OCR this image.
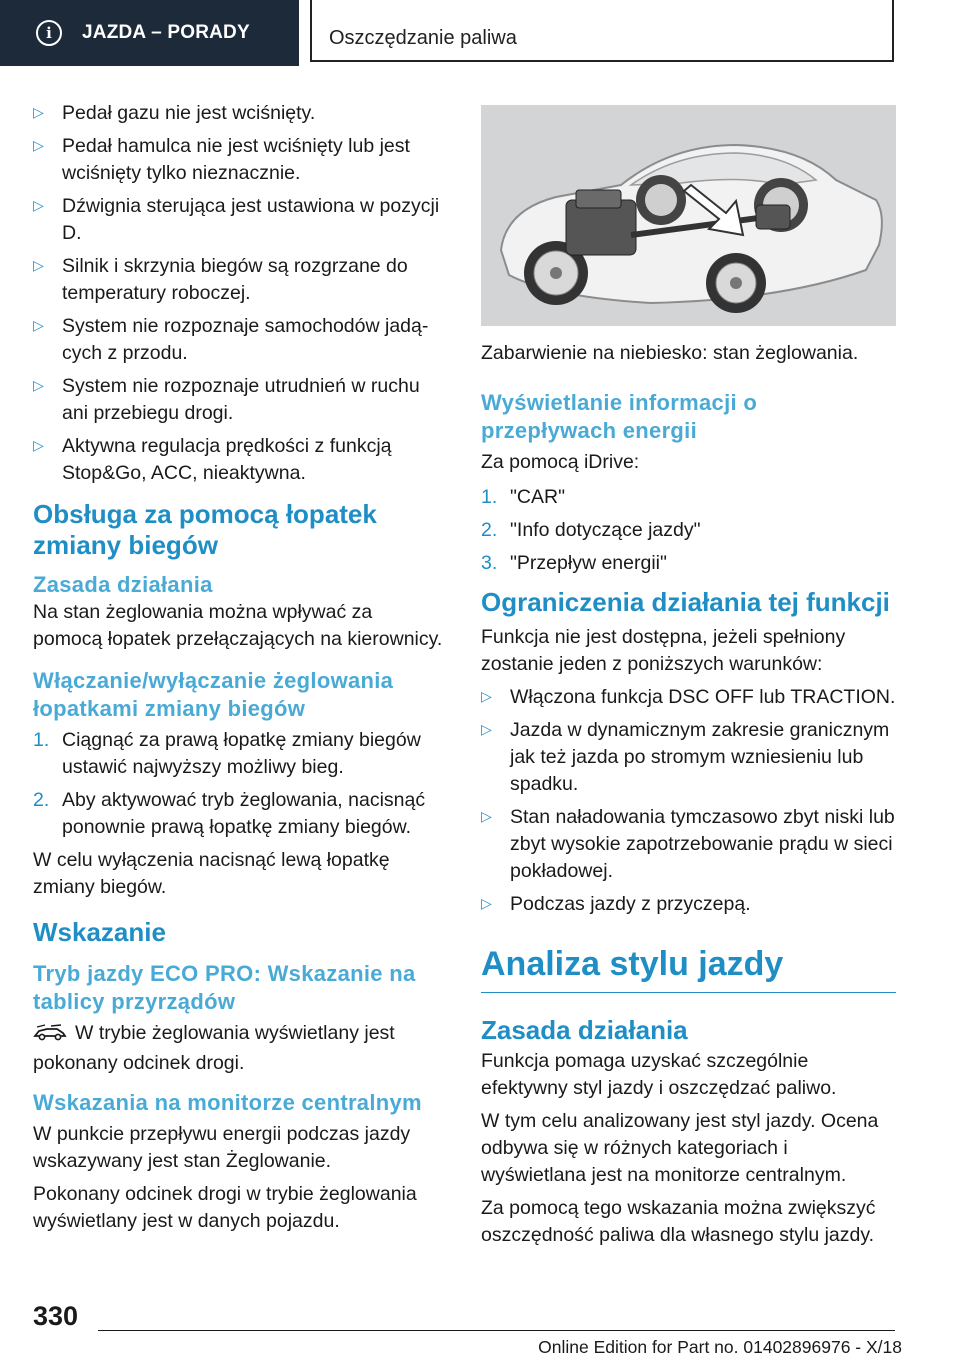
i	JAZDA – PORADY	Oszczędzanie paliwa
▷ Pedał gazu nie jest wciśnięty.
▷ Pedał hamulca nie jest wciśnięty lub jest wciśnięty tylko nieznacznie.
▷ Dźwignia sterująca jest ustawiona w pozycji D.
▷ Silnik i skrzynia biegów są rozgrzane do temperatury roboczej.
▷ System nie rozpoznaje samochodów jadących z przodu.
▷ System nie rozpoznaje utrudnień w ruchu ani przebiegu drogi.
▷ Aktywna regulacja prędkości z funkcją Stop&Go, ACC, nieaktywna.
Obsługa za pomocą łopatek zmiany biegów
Zasada działania

Na stan żeglowania można wpływać za pomocą łopatek przełączających na kierownicy.

Włączanie/wyłączanie żeglowania łopatkami zmiany biegów
1. Ciągnąć za prawą łopatkę zmiany biegów ustawić najwyższy możliwy bieg.
2. Aby aktywować tryb żeglowania, nacisnąć ponownie prawą łopatkę zmiany biegów.

W celu wyłączenia nacisnąć lewą łopatkę zmiany biegów.

Wskazanie
Tryb jazdy ECO PRO: Wskazanie na tablicy przyrządów

W trybie żeglowania wyświetlany jest pokonany odcinek drogi.

Wskazania na monitorze centralnym

W punkcie przepływu energii podczas jazdy wskazywany jest stan Żeglowanie.

Pokonany odcinek drogi w trybie żeglowania wyświetlany jest w danych pojazdu.

Zabarwienie na niebiesko: stan żeglowania.

Wyświetlanie informacji o przepływach energii

Za pomocą iDrive:

1. "CAR"
2. "Info dotyczące jazdy"
3. "Przepływ energii"
Ograniczenia działania tej funkcji

Funkcja nie jest dostępna, jeżeli spełniony zostanie jeden z poniższych warunków:

▷ Włączona funkcja DSC OFF lub TRACTION.
▷ Jazda w dynamicznym zakresie granicznym jak też jazda po stromym wzniesieniu lub spadku.
▷ Stan naładowania tymczasowo zbyt niski lub zbyt wysokie zapotrzebowanie prądu w sieci pokładowej.
▷ Podczas jazdy z przyczepą.
Analiza stylu jazdy
Zasada działania

Funkcja pomaga uzyskać szczególnie efektywny styl jazdy i oszczędzać paliwo.

W tym celu analizowany jest styl jazdy. Ocena odbywa się w różnych kategoriach i wyświetlana jest na monitorze centralnym.

Za pomocą tego wskazania można zwiększyć oszczędność paliwa dla własnego stylu jazdy.

330
Online Edition for Part no. 01402896976 - X/18
